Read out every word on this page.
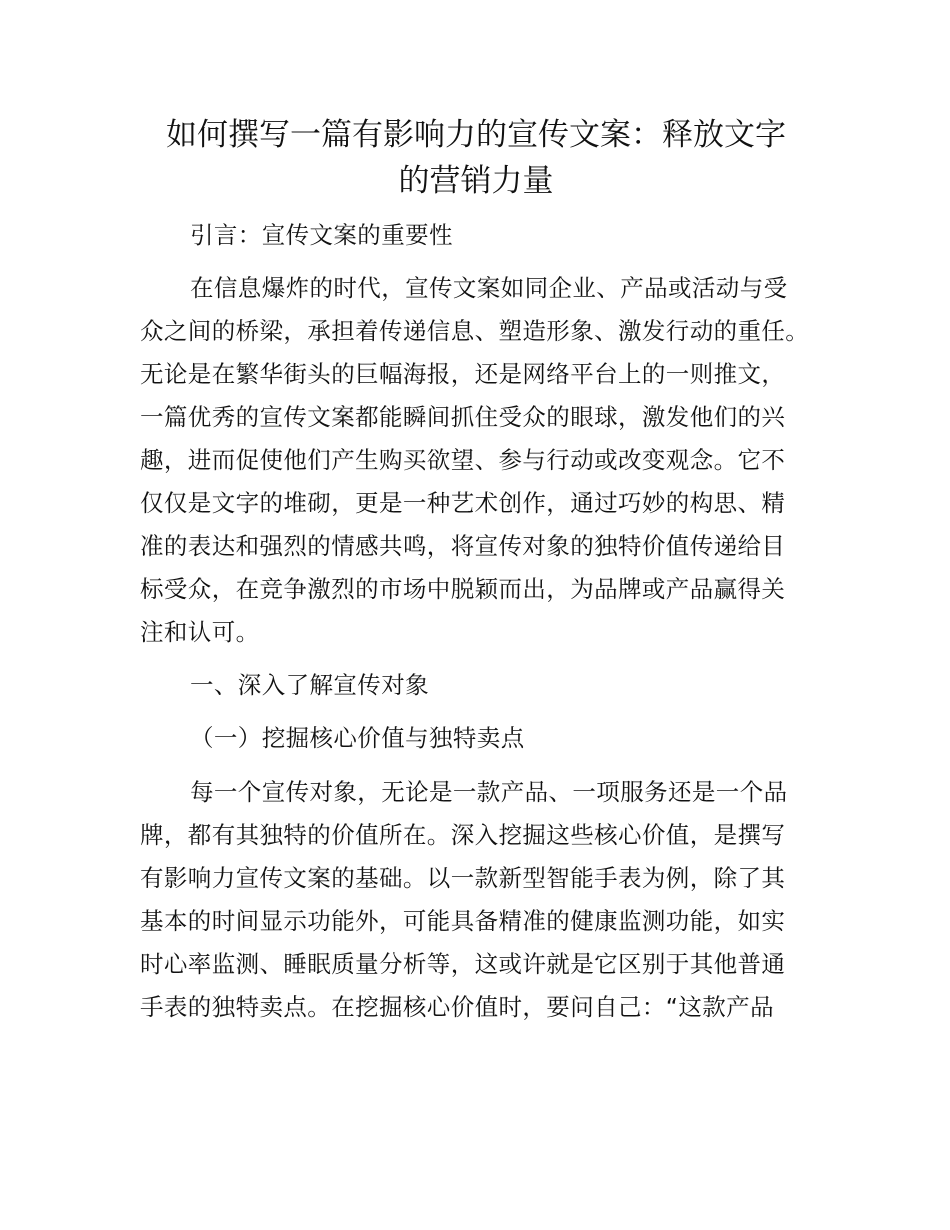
如何撰写一篇有影响力的宣传文案：释放文字
的营销力量
引言：宣传文案的重要性
在信息爆炸的时代，宣传文案如同企业、产品或活动与受
众之间的桥梁，承担着传递信息、塑造形象、激发行动的重任。
无论是在繁华街头的巨幅海报，还是网络平台上的一则推文，
一篇优秀的宣传文案都能瞬间抓住受众的眼球，激发他们的兴
趣，进而促使他们产生购买欲望、参与行动或改变观念。它不
仅仅是文字的堆砌，更是一种艺术创作，通过巧妙的构思、精
准的表达和强烈的情感共鸣，将宣传对象的独特价值传递给目
标受众，在竞争激烈的市场中脱颖而出，为品牌或产品赢得关
注和认可。
一、深入了解宣传对象
（一）挖掘核心价值与独特卖点
每一个宣传对象，无论是一款产品、一项服务还是一个品
牌，都有其独特的价值所在。深入挖掘这些核心价值，是撰写
有影响力宣传文案的基础。以一款新型智能手表为例，除了其
基本的时间显示功能外，可能具备精准的健康监测功能，如实
时心率监测、睡眠质量分析等，这或许就是它区别于其他普通
手表的独特卖点。在挖掘核心价值时，要问自己：“这款产品
